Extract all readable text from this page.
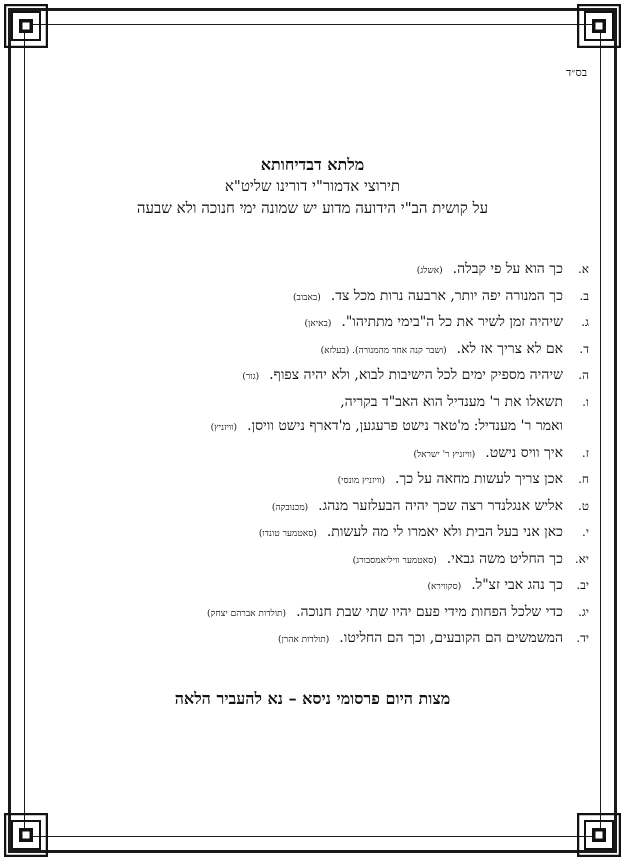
בס״ד
מלתא דבדיחותא
תירוצי אדמור"י דורינו שליט"א
על קושית הב"י הידועה מדוע יש שמונה ימי חנוכה ולא שבעה
א.
כך הוא על פי קבלה.
(אשלג)
ב.
כך המנורה יפה יותר, ארבעה נרות מכל צד.
(באבוב)
ג.
שיהיה זמן לשיר את כל ה"בימי מתתיהו".
(באיאן)
ד.
אם לא צריך אז לא.
(ושבר קנה אחד מהמנורה). (בעלזא)
ה.
שיהיה מספיק ימים לכל הישיבות לבוא, ולא יהיה צפוף.
(גור)
ו.
תשאלו את ר' מענדיל הוא האב"ד בקריה,
ואמר ר' מענדיל: מ'טאר נישט פרעגען, מ'דארף נישט וויסן.
(וויזניץ)
ז.
איך וויס נישט.
(וויזניץ ר' ישראל)
ח.
אכן צריך לעשות מחאה על כך.
(וויזניץ מונסי)
ט.
אליש אנגלנדר רצה שכך יהיה הבעלזער מנהג.
(מכנובקה)
י.
כאן אני בעל הבית ולא יאמרו לי מה לעשות.
(סאטמער טונדו)
יא.
כך החליט משה גבאי.
(סאטמער וויליאמסבורג)
יב.
כך נהג אבי זצ"ל.
(סקווירא)
יג.
כדי שלכל הפחות מידי פעם יהיו שתי שבת חנוכה.
(תולדות אברהם יצחק)
יד.
המשמשים הם הקובעים, וכך הם החליטו.
(תולדות אהרן)
מצות היום פרסומי ניסא – נא להעביר הלאה
